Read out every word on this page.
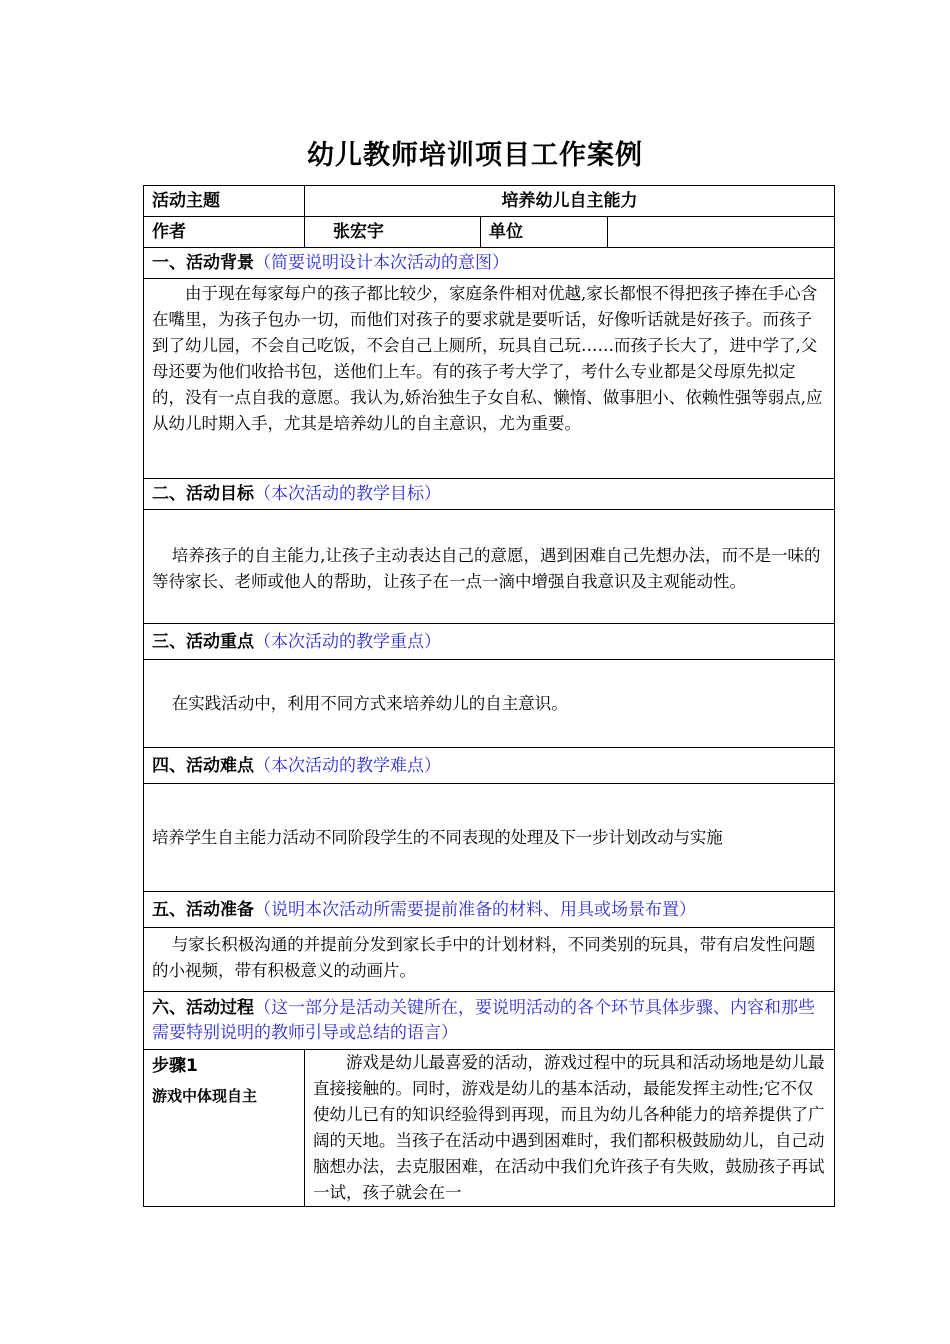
幼儿教师培训项目工作案例
活动主题	培养幼儿自主能力		
作者	张宏宇	单位	
一、活动背景（简要说明设计本次活动的意图）			
由于现在每家每户的孩子都比较少，家庭条件相对优越,家长都恨不得把孩子捧在手心含在嘴里，为孩子包办一切，而他们对孩子的要求就是要听话，好像听话就是好孩子。而孩子到了幼儿园，不会自己吃饭，不会自己上厕所，玩具自己玩……而孩子长大了，进中学了,父母还要为他们收拾书包，送他们上车。有的孩子考大学了，考什么专业都是父母原先拟定的，没有一点自我的意愿。我认为,娇治独生子女自私、懒惰、做事胆小、依赖性强等弱点,应从幼儿时期入手，尤其是培养幼儿的自主意识，尤为重要。			
二、活动目标（本次活动的教学目标）			
培养孩子的自主能力,让孩子主动表达自己的意愿，遇到困难自己先想办法，而不是一味的等待家长、老师或他人的帮助，让孩子在一点一滴中增强自我意识及主观能动性。			
三、活动重点（本次活动的教学重点）			
在实践活动中，利用不同方式来培养幼儿的自主意识。			
四、活动难点（本次活动的教学难点）			
培养学生自主能力活动不同阶段学生的不同表现的处理及下一步计划改动与实施			
五、活动准备（说明本次活动所需要提前准备的材料、用具或场景布置）			
与家长积极沟通的并提前分发到家长手中的计划材料，不同类别的玩具，带有启发性问题的小视频，带有积极意义的动画片。			
六、活动过程（这一部分是活动关键所在，要说明活动的各个环节具体步骤、内容和那些需要特别说明的教师引导或总结的语言）			
步骤1
游戏中体现自主	游戏是幼儿最喜爱的活动，游戏过程中的玩具和活动场地是幼儿最直接接触的。同时，游戏是幼儿的基本活动，最能发挥主动性;它不仅使幼儿已有的知识经验得到再现，而且为幼儿各种能力的培养提供了广阔的天地。当孩子在活动中遇到困难时，我们都积极鼓励幼儿，自己动脑想办法，去克服困难，在活动中我们允许孩子有失败，鼓励孩子再试一试，孩子就会在一		
